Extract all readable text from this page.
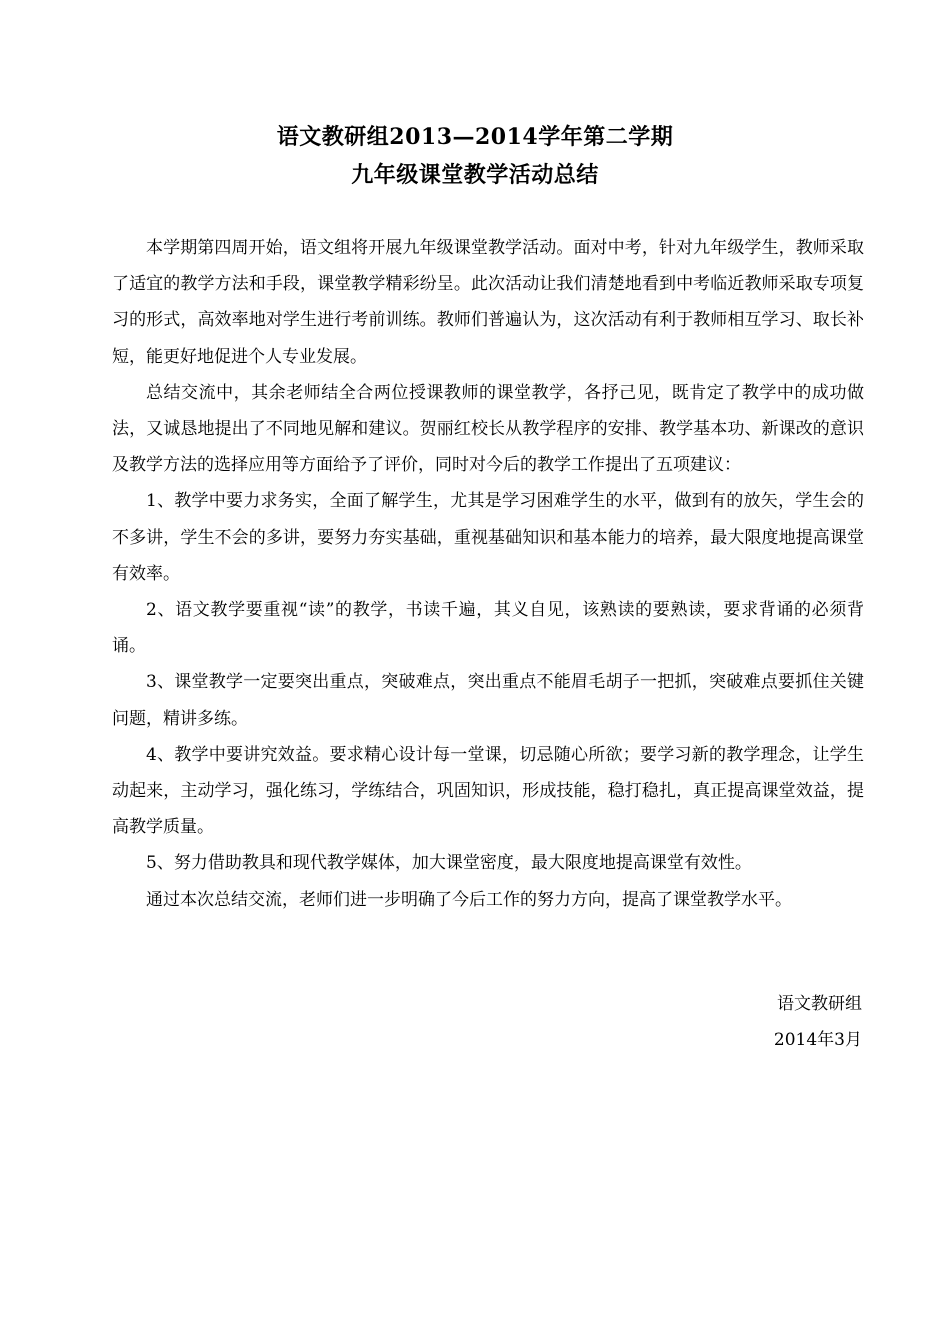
语文教研组2013—2014学年第二学期
九年级课堂教学活动总结

本学期第四周开始，语文组将开展九年级课堂教学活动。面对中考，针对九年级学生，教师采取了适宜的教学方法和手段，课堂教学精彩纷呈。此次活动让我们清楚地看到中考临近教师采取专项复习的形式，高效率地对学生进行考前训练。教师们普遍认为，这次活动有利于教师相互学习、取长补短，能更好地促进个人专业发展。

总结交流中，其余老师结全合两位授课教师的课堂教学，各抒己见，既肯定了教学中的成功做法，又诚恳地提出了不同地见解和建议。贺丽红校长从教学程序的安排、教学基本功、新课改的意识及教学方法的选择应用等方面给予了评价，同时对今后的教学工作提出了五项建议：

1、教学中要力求务实，全面了解学生，尤其是学习困难学生的水平，做到有的放矢，学生会的不多讲，学生不会的多讲，要努力夯实基础，重视基础知识和基本能力的培养，最大限度地提高课堂有效率。

2、语文教学要重视“读”的教学，书读千遍，其义自见，该熟读的要熟读，要求背诵的必须背诵。

3、课堂教学一定要突出重点，突破难点，突出重点不能眉毛胡子一把抓，突破难点要抓住关键问题，精讲多练。

4、教学中要讲究效益。要求精心设计每一堂课，切忌随心所欲；要学习新的教学理念，让学生动起来，主动学习，强化练习，学练结合，巩固知识，形成技能，稳打稳扎，真正提高课堂效益，提高教学质量。

5、努力借助教具和现代教学媒体，加大课堂密度，最大限度地提高课堂有效性。

通过本次总结交流，老师们进一步明确了今后工作的努力方向，提高了课堂教学水平。

语文教研组
2014年3月
